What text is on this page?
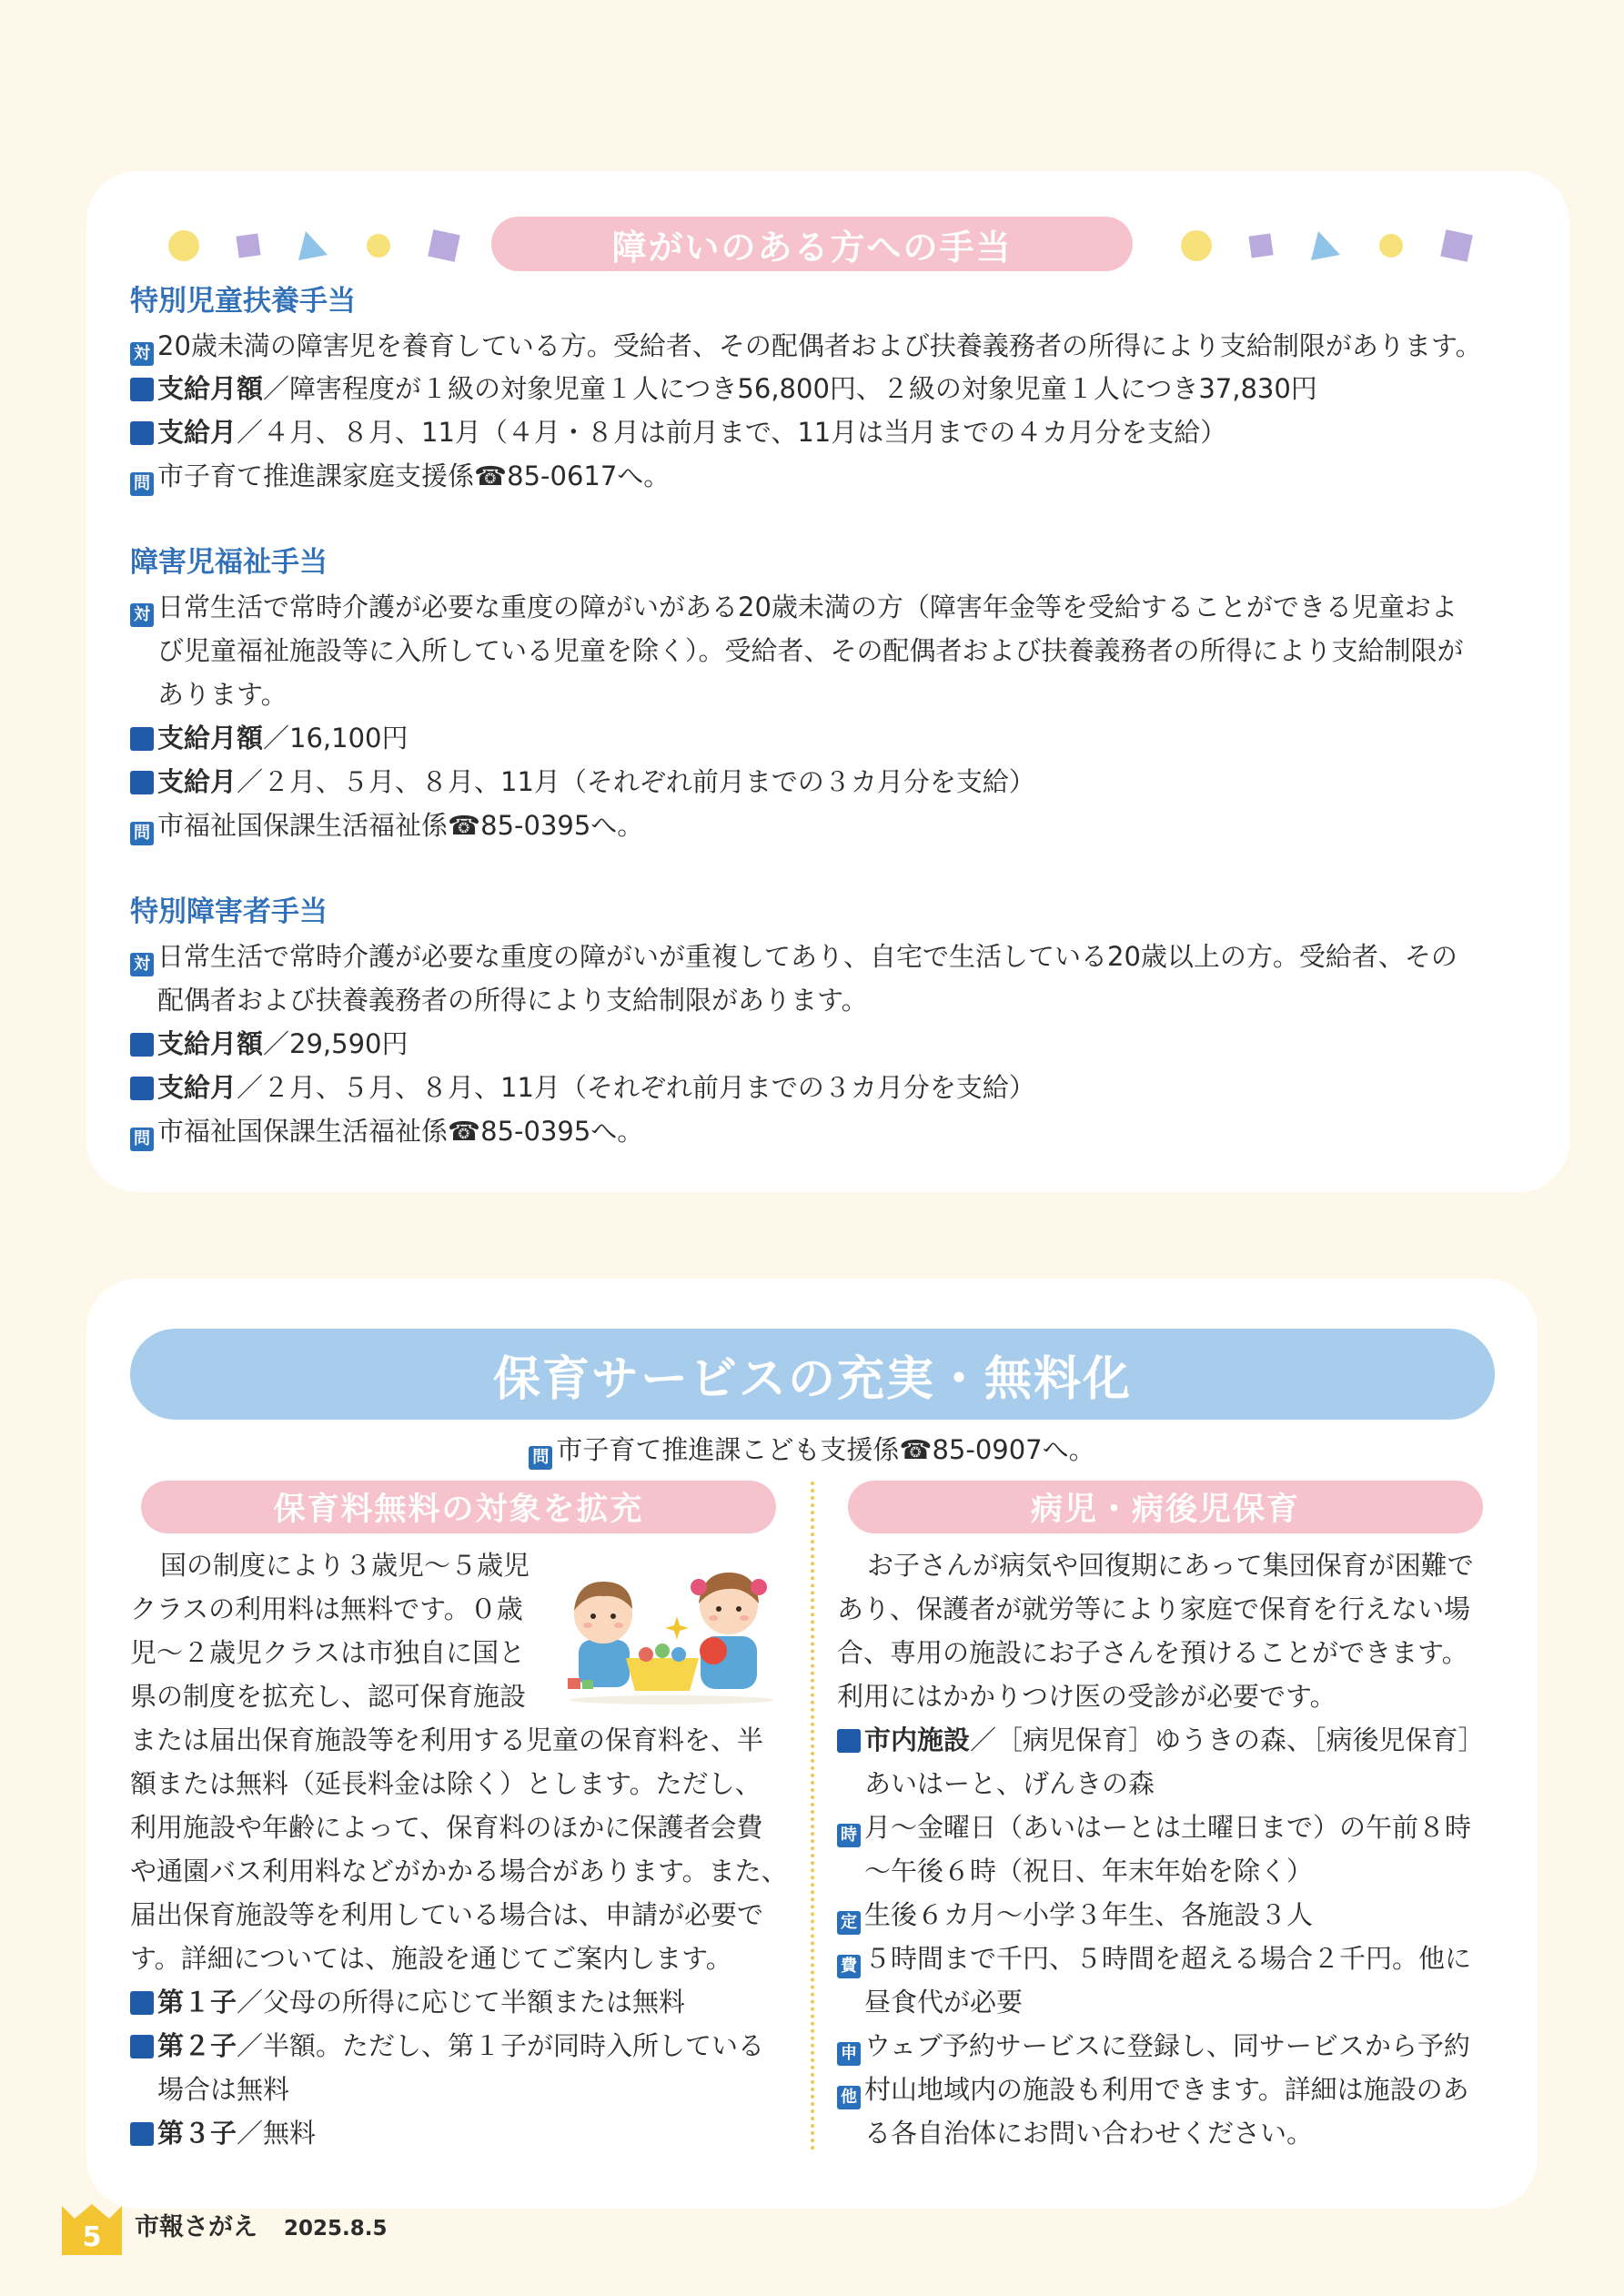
障がいのある方への手当
特別児童扶養手当
対 20歳未満の障害児を養育している方。受給者、その配偶者および扶養義務者の所得により支給制限があります。
支給月額／障害程度が１級の対象児童１人につき56,800円、２級の対象児童１人につき37,830円
支給月／４月、８月、11月（４月・８月は前月まで、11月は当月までの４カ月分を支給）
問 市子育て推進課家庭支援係☎85-0617へ。
障害児福祉手当
対 日常生活で常時介護が必要な重度の障がいがある20歳未満の方（障害年金等を受給することができる児童およ
び児童福祉施設等に入所している児童を除く）。受給者、その配偶者および扶養義務者の所得により支給制限が
あります。
支給月額／16,100円
支給月／２月、５月、８月、11月（それぞれ前月までの３カ月分を支給）
問 市福祉国保課生活福祉係☎85-0395へ。
特別障害者手当
対 日常生活で常時介護が必要な重度の障がいが重複してあり、自宅で生活している20歳以上の方。受給者、その
配偶者および扶養義務者の所得により支給制限があります。
支給月額／29,590円
支給月／２月、５月、８月、11月（それぞれ前月までの３カ月分を支給）
問 市福祉国保課生活福祉係☎85-0395へ。
保育サービスの充実・無料化
問 市子育て推進課こども支援係☎85-0907へ。
保育料無料の対象を拡充	病児・病後児保育
国の制度により３歳児〜５歳児
クラスの利用料は無料です。０歳
児〜２歳児クラスは市独自に国と
県の制度を拡充し、認可保育施設
または届出保育施設等を利用する児童の保育料を、半
額または無料（延長料金は除く）とします。ただし、
利用施設や年齢によって、保育料のほかに保護者会費
や通園バス利用料などがかかる場合があります。また、
届出保育施設等を利用している場合は、申請が必要で
す。詳細については、施設を通じてご案内します。
第１子／父母の所得に応じて半額または無料
第２子／半額。ただし、第１子が同時入所している
場合は無料
第３子／無料
お子さんが病気や回復期にあって集団保育が困難で
あり、保護者が就労等により家庭で保育を行えない場
合、専用の施設にお子さんを預けることができます。
利用にはかかりつけ医の受診が必要です。
市内施設／［病児保育］ゆうきの森、［病後児保育］
あいはーと、げんきの森
時 月〜金曜日（あいはーとは土曜日まで）の午前８時
〜午後６時（祝日、年末年始を除く）
定 生後６カ月〜小学３年生、各施設３人
費 ５時間まで千円、５時間を超える場合２千円。他に
昼食代が必要
申 ウェブ予約サービスに登録し、同サービスから予約
他 村山地域内の施設も利用できます。詳細は施設のあ
る各自治体にお問い合わせください。
5 市報さがえ 2025.8.5
